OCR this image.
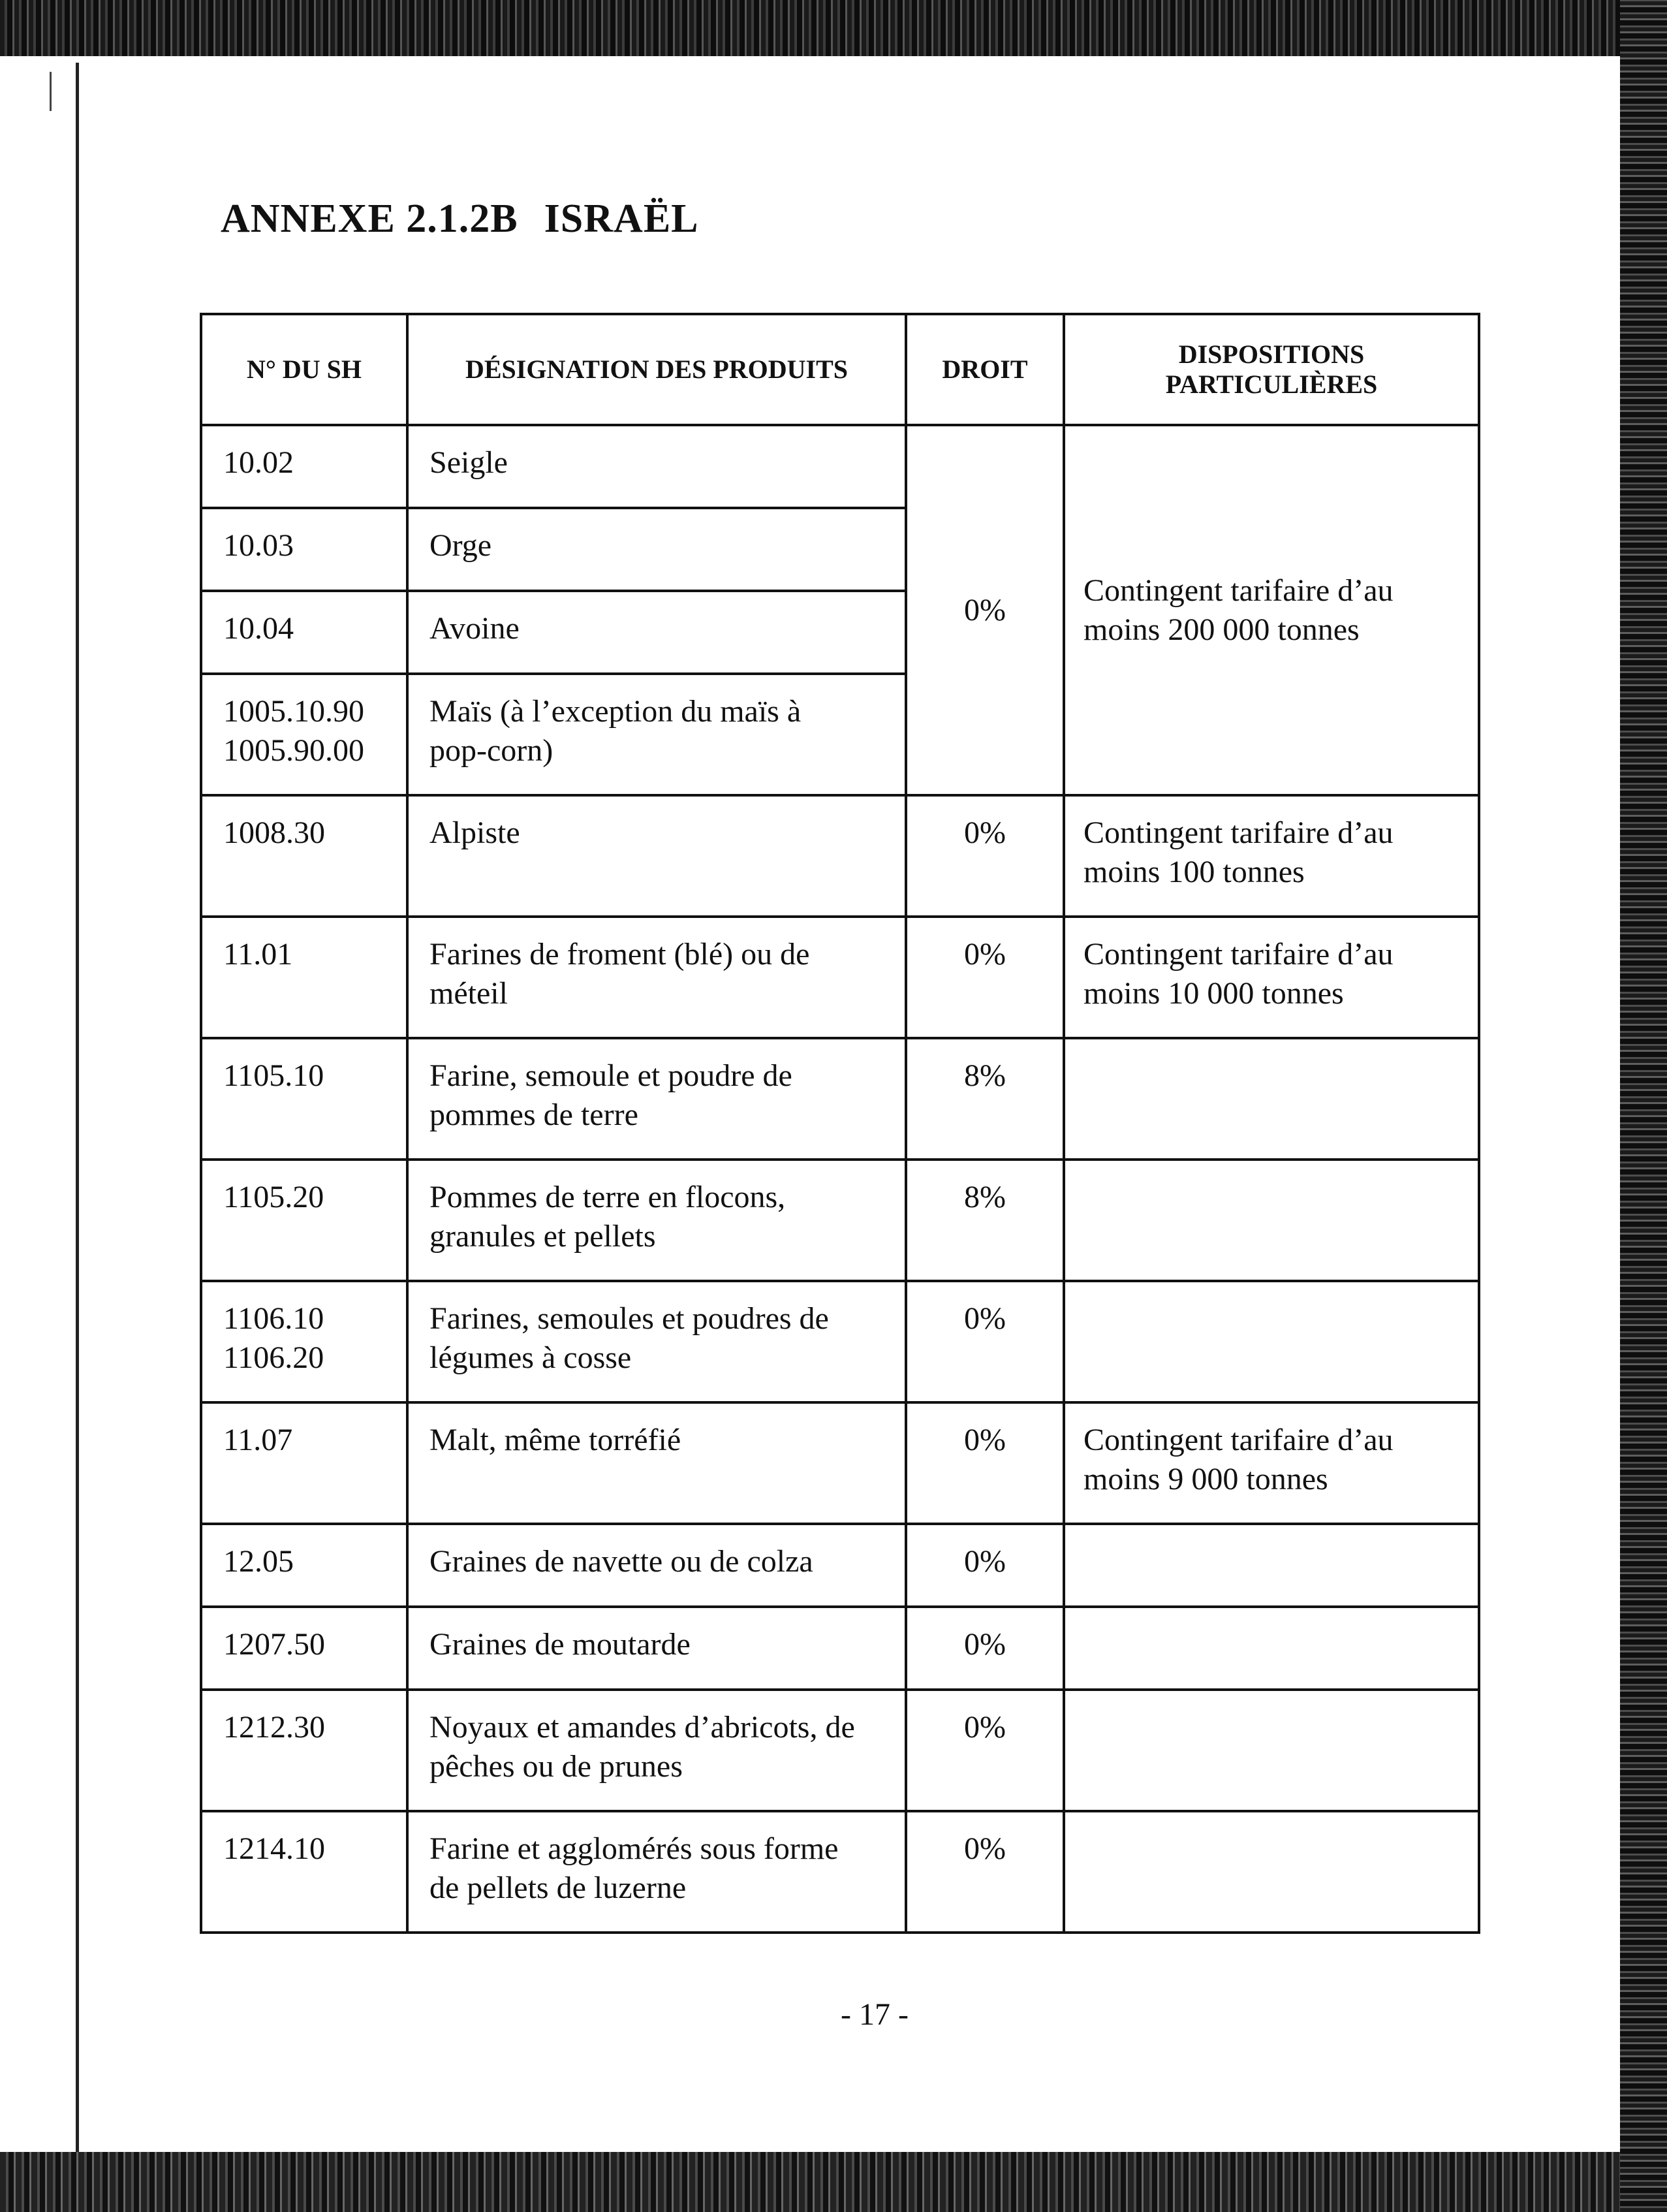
ANNEXE 2.1.2B ISRAËL
N° DU SH	DÉSIGNATION DES PRODUITS	DROIT	DISPOSITIONS
PARTICULIÈRES

10.02	Seigle	0%	Contingent tarifaire d’au
moins 200 000 tonnes

10.03	Orge		

10.04	Avoine		

1005.10.90
1005.90.00	Maïs (à l’exception du maïs à
pop-corn)		

1008.30	Alpiste	0%	Contingent tarifaire d’au
moins 100 tonnes

11.01	Farines de froment (blé) ou de
méteil	0%	Contingent tarifaire d’au
moins 10 000 tonnes

1105.10	Farine, semoule et poudre de
pommes de terre	8%	

1105.20	Pommes de terre en flocons,
granules et pellets	8%	

1106.10
1106.20	Farines, semoules et poudres de
légumes à cosse	0%	

11.07	Malt, même torréfié	0%	Contingent tarifaire d’au
moins 9 000 tonnes

12.05	Graines de navette ou de colza	0%	

1207.50	Graines de moutarde	0%	

1212.30	Noyaux et amandes d’abricots, de
pêches ou de prunes	0%	

1214.10	Farine et agglomérés sous forme
de pellets de luzerne	0%	
- 17 -
